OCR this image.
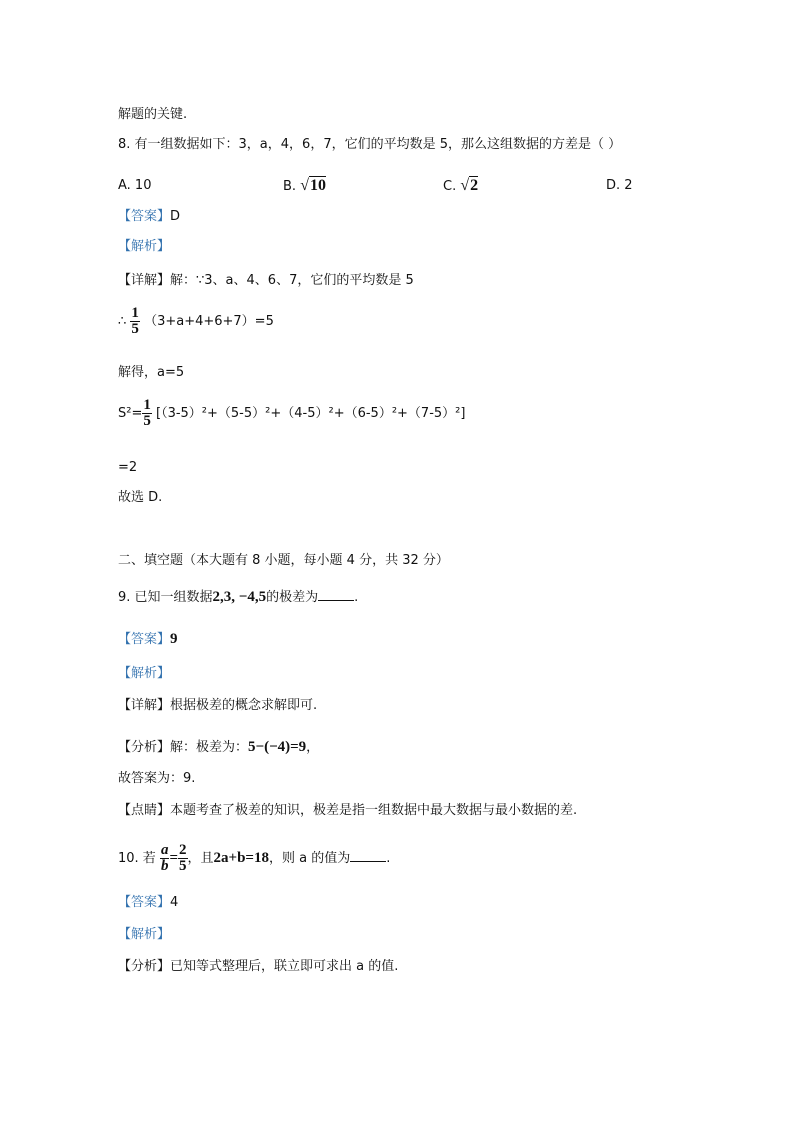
解题的关键.
8. 有一组数据如下：3，a，4，6，7，它们的平均数是 5，那么这组数据的方差是（ ）
A. 10	B. √10	C. √2	D. 2
【答案】D
【解析】
【详解】解：∵3、a、4、6、7，它们的平均数是 5
∴ $\frac{1}{5} (3+a+4+6+7)=5$
解得，a=5
$S^2= \frac{1}{5} [(3-5)^2+(5-5)^2+(4-5)^2+(6-5)^2+(7-5)^2]$
=2
故选 D.
二、填空题（本大题有 8 小题，每小题 4 分，共 32 分）
9. 已知一组数据2,3, −4,5的极差为	.
【答案】9
【解析】
【详解】根据极差的概念求解即可.
【分析】解：极差为：5−(−4)=9，
故答案为：9.
【点睛】本题考查了极差的知识，极差是指一组数据中最大数据与最小数据的差.
10. 若 $\frac{a}{b} = \frac{2}{5}$ ，且2a+b=18，则 a 的值为	.
【答案】4
【解析】
【分析】已知等式整理后，联立即可求出 a 的值.
